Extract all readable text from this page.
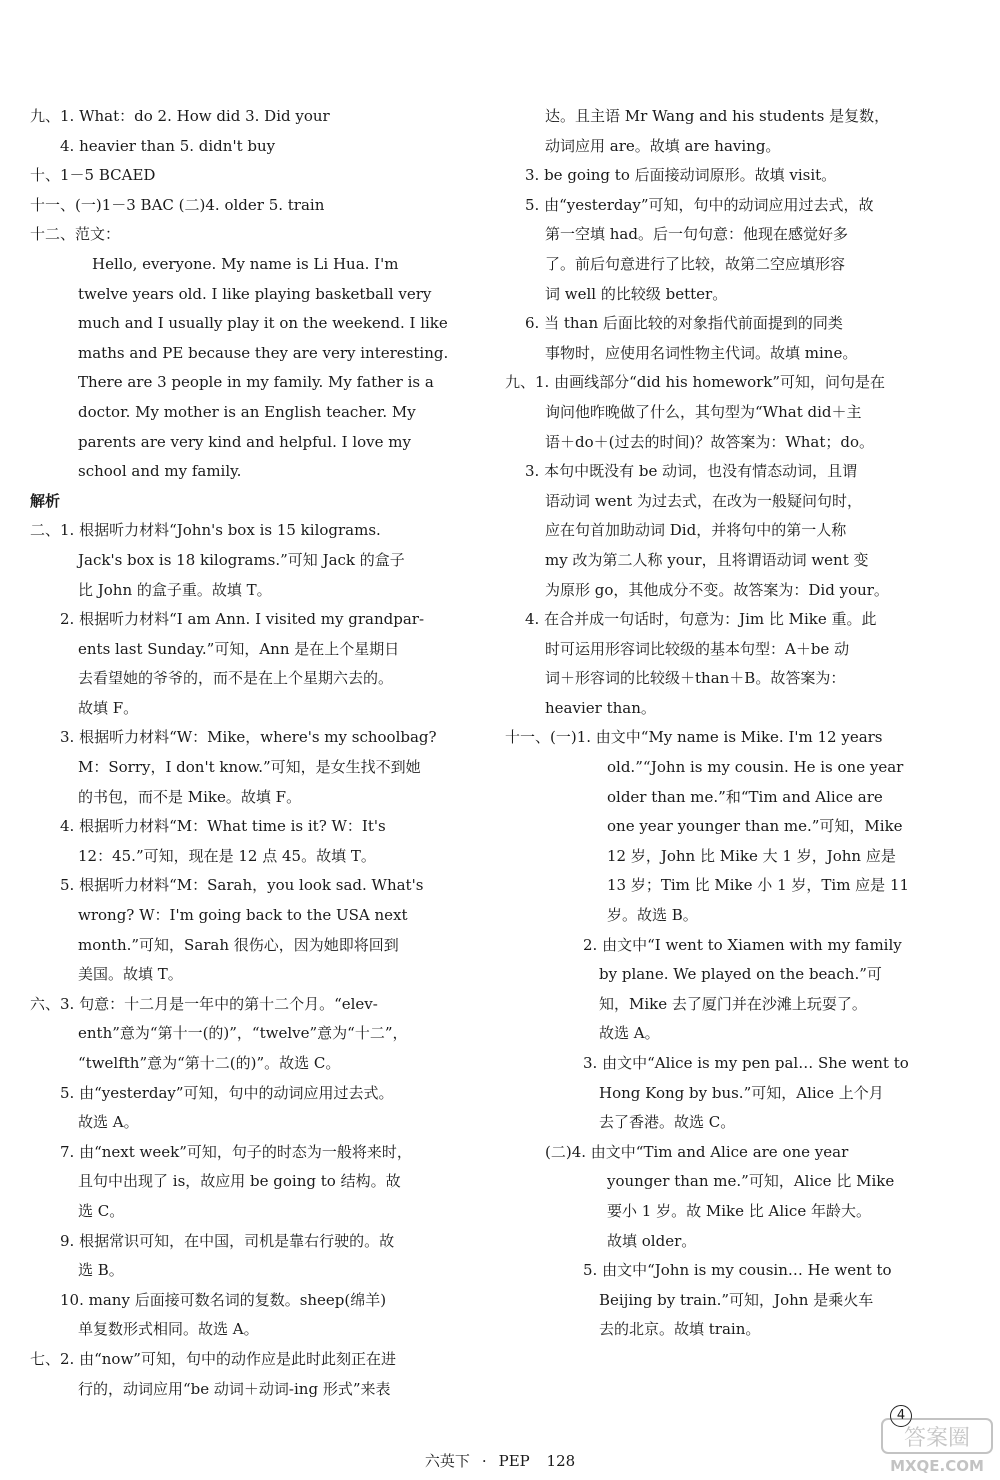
九、1. What：do 2. How did 3. Did your
4. heavier than 5. didn't buy
十、1－5 BCAED
十一、(一)1－3 BAC (二)4. older 5. train
十二、范文：
Hello, everyone. My name is Li Hua. I'm
twelve years old. I like playing basketball very
much and I usually play it on the weekend. I like
maths and PE because they are very interesting.
There are 3 people in my family. My father is a
doctor. My mother is an English teacher. My
parents are very kind and helpful. I love my
school and my family.
解析
二、1. 根据听力材料“John's box is 15 kilograms.
Jack's box is 18 kilograms.”可知 Jack 的盒子
比 John 的盒子重。故填 T。
2. 根据听力材料“I am Ann. I visited my grandpar-
ents last Sunday.”可知，Ann 是在上个星期日
去看望她的爷爷的，而不是在上个星期六去的。
故填 F。
3. 根据听力材料“W：Mike，where's my schoolbag?
M：Sorry，I don't know.”可知，是女生找不到她
的书包，而不是 Mike。故填 F。
4. 根据听力材料“M：What time is it? W：It's
12：45.”可知，现在是 12 点 45。故填 T。
5. 根据听力材料“M：Sarah，you look sad. What's
wrong? W：I'm going back to the USA next
month.”可知，Sarah 很伤心，因为她即将回到
美国。故填 T。
六、3. 句意：十二月是一年中的第十二个月。“elev-
enth”意为“第十一(的)”，“twelve”意为“十二”，
“twelfth”意为“第十二(的)”。故选 C。
5. 由“yesterday”可知，句中的动词应用过去式。
故选 A。
7. 由“next week”可知，句子的时态为一般将来时，
且句中出现了 is，故应用 be going to 结构。故
选 C。
9. 根据常识可知，在中国，司机是靠右行驶的。故
选 B。
10. many 后面接可数名词的复数。sheep(绵羊)
单复数形式相同。故选 A。
七、2. 由“now”可知，句中的动作应是此时此刻正在进
行的，动词应用“be 动词＋动词-ing 形式”来表
达。且主语 Mr Wang and his students 是复数，
动词应用 are。故填 are having。
3. be going to 后面接动词原形。故填 visit。
5. 由“yesterday”可知，句中的动词应用过去式，故
第一空填 had。后一句句意：他现在感觉好多
了。前后句意进行了比较，故第二空应填形容
词 well 的比较级 better。
6. 当 than 后面比较的对象指代前面提到的同类
事物时，应使用名词性物主代词。故填 mine。
九、1. 由画线部分“did his homework”可知，问句是在
询问他昨晚做了什么，其句型为“What did＋主
语＋do＋(过去的时间)？故答案为：What；do。
3. 本句中既没有 be 动词，也没有情态动词，且谓
语动词 went 为过去式，在改为一般疑问句时，
应在句首加助动词 Did，并将句中的第一人称
my 改为第二人称 your，且将谓语动词 went 变
为原形 go，其他成分不变。故答案为：Did your。
4. 在合并成一句话时，句意为：Jim 比 Mike 重。此
时可运用形容词比较级的基本句型：A＋be 动
词＋形容词的比较级＋than＋B。故答案为：
heavier than。
十一、(一)1. 由文中“My name is Mike. I'm 12 years
old.”“John is my cousin. He is one year
older than me.”和“Tim and Alice are
one year younger than me.”可知，Mike
12 岁，John 比 Mike 大 1 岁，John 应是
13 岁；Tim 比 Mike 小 1 岁，Tim 应是 11
岁。故选 B。
2. 由文中“I went to Xiamen with my family
by plane. We played on the beach.”可
知，Mike 去了厦门并在沙滩上玩耍了。
故选 A。
3. 由文中“Alice is my pen pal… She went to
Hong Kong by bus.”可知，Alice 上个月
去了香港。故选 C。
(二)4. 由文中“Tim and Alice are one year
younger than me.”可知，Alice 比 Mike
要小 1 岁。故 Mike 比 Alice 年龄大。
故填 older。
5. 由文中“John is my cousin… He went to
Beijing by train.”可知，John 是乘火车
去的北京。故填 train。
4
答案圈
MXQE.COM
六英下 · PEP 128
